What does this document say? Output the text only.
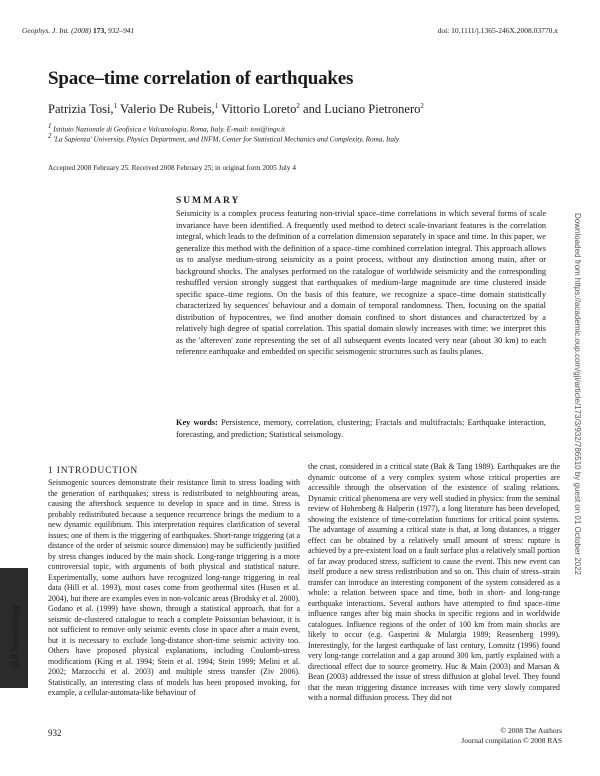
Geophys. J. Int. (2008) 173, 932–941	doi: 10.1111/j.1365-246X.2008.03770.x
Space–time correlation of earthquakes
Patrizia Tosi,$^1$ Valerio De Rubeis,$^1$ Vittorio Loreto$^2$ and Luciano Pietronero$^2$
$^1$ Istituto Nazionale di Geofisica e Vulcanologia, Roma, Italy. E-mail: tosi@ingv.it
$^2$ 'La Sapienza' University, Physics Department, and INFM, Center for Statistical Mechanics and Complexity, Roma, Italy
Accepted 2008 February 25. Received 2008 February 25; in original form 2005 July 4
SUMMARY
Seismicity is a complex process featuring non-trivial space–time correlations in which several forms of scale invariance have been identified. A frequently used method to detect scale-invariant features is the correlation integral, which leads to the definition of a correlation dimension separately in space and time. In this paper, we generalize this method with the definition of a space–time combined correlation integral. This approach allows us to analyse medium-strong seismicity as a point process, without any distinction among main, after or background shocks. The analyses performed on the catalogue of worldwide seismicity and the corresponding reshuffled version strongly suggest that earthquakes of medium-large magnitude are time clustered inside specific space–time regions. On the basis of this feature, we recognize a space–time domain statistically characterized by sequences' behaviour and a domain of temporal randomness. Then, focusing on the spatial distribution of hypocentres, we find another domain confined to short distances and characterized by a relatively high degree of spatial correlation. This spatial domain slowly increases with time: we interpret this as the 'aftereven' zone representing the set of all subsequent events located very near (about 30 km) to each reference earthquake and embedded on specific seismogenic structures such as faults planes.
Key words: Persistence, memory, correlation, clustering; Fractals and multifractals; Earthquake interaction, forecasting, and prediction; Statistical seismology.
GJI Seismology
Downloaded from https://academic.oup.com/gji/article/173/3/932/786510 by guest on 01 October 2022
1 INTRODUCTION
Seismogenic sources demonstrate their resistance limit to stress loading with the generation of earthquakes; stress is redistributed to neighbouring areas, causing the aftershock sequence to develop in space and in time. Stress is probably redistributed because a sequence recurrence brings the medium to a new dynamic equilibrium. This interpretation requires clarification of several issues; one of them is the triggering of earthquakes. Short-range triggering (at a distance of the order of seismic source dimension) may be sufficiently justified by stress changes induced by the main shock. Long-range triggering is a more controversial topic, with arguments of both physical and statistical nature. Experimentally, some authors have recognized long-range triggering in real data (Hill et al. 1993), most cases come from geothermal sites (Husen et al. 2004), but there are examples even in non-volcanic areas (Brodsky et al. 2000). Godano et al. (1999) have shown, through a statistical approach, that for a seismic de-clustered catalogue to reach a complete Poissonian behaviour, it is not sufficient to remove only seismic events close in space after a main event, but it is necessary to exclude long-distance short-time seismic activity too. Others have proposed physical explanations, including Coulomb-stress modifications (King et al. 1994; Stein et al. 1994; Stein 1999; Melini et al. 2002; Marzocchi et al. 2003) and multiple stress transfer (Ziv 2006). Statistically, an interesting class of models has been proposed invoking, for example, a cellular-automata-like behaviour of
the crust, considered in a critical state (Bak & Tang 1989). Earthquakes are the dynamic outcome of a very complex system whose critical properties are accessible through the observation of the existence of scaling relations. Dynamic critical phenomena are very well studied in physics: from the seminal review of Hohenberg & Halperin (1977), a long literature has been developed, showing the existence of time-correlation functions for critical point systems. The advantage of assuming a critical state is that, at long distances, a trigger effect can be obtained by a relatively small amount of stress: rupture is achieved by a pre-existent load on a fault surface plus a relatively small portion of far away produced stress, sufficient to cause the event. This new event can itself produce a new stress redistribution and so on. This chain of stress–strain transfer can introduce an interesting component of the system considered as a whole: a relation between space and time, both in short- and long-range earthquake interactions. Several authors have attempted to find space–time influence ranges after big main shocks in specific regions and in worldwide catalogues. Influence regions of the order of 100 km from main shocks are likely to occur (e.g. Gasperini & Mulargia 1989; Reasenberg 1999). Interestingly, for the largest earthquake of last century, Lomnitz (1996) found very long-range correlation and a gap around 300 km, partly explained with a directional effect due to source geometry. Huc & Main (2003) and Marsan & Bean (2003) addressed the issue of stress diffusion at global level. They found that the mean triggering distance increases with time very slowly compared with a normal diffusion process. They did not
932	© 2008 The Authors
Journal compilation © 2008 RAS
